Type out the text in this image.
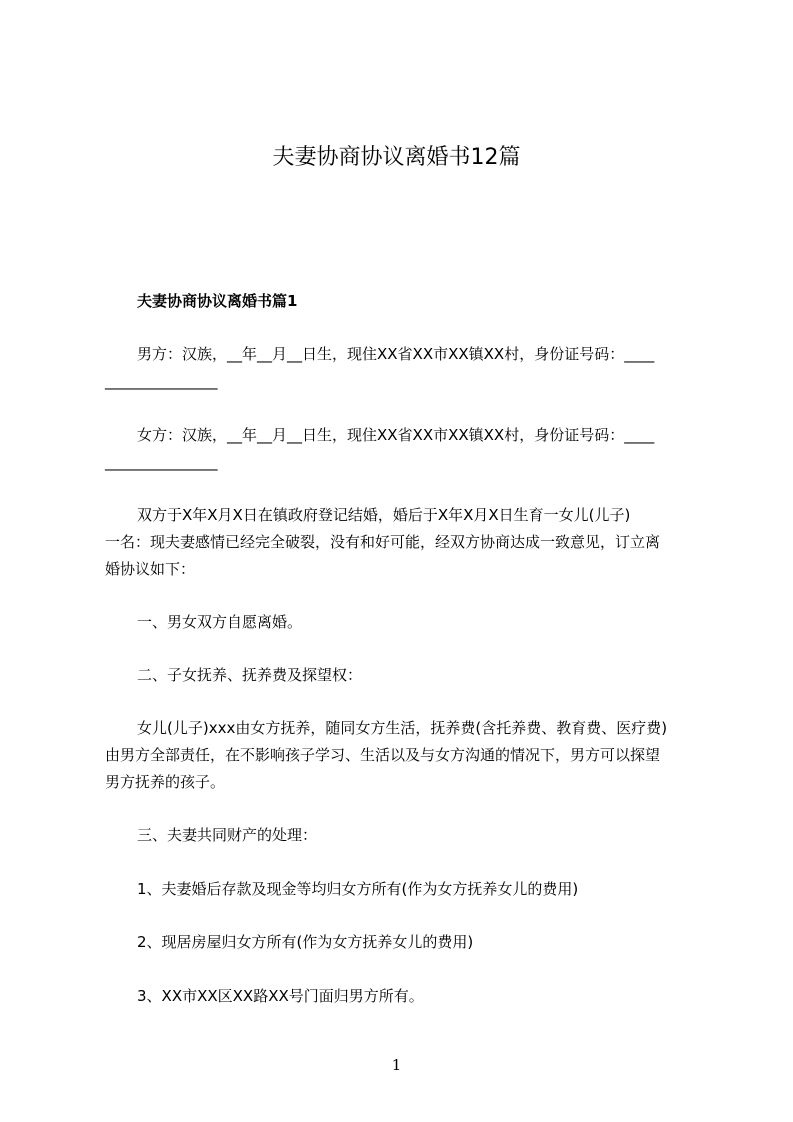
夫妻协商协议离婚书12篇
夫妻协商协议离婚书篇1
男方：汉族，__年__月__日生，现住XX省XX市XX镇XX村，身份证号码：____
_______________
女方：汉族，__年__月__日生，现住XX省XX市XX镇XX村，身份证号码：____
_______________
双方于X年X月X日在镇政府登记结婚，婚后于X年X月X日生育一女儿(儿子)
一名：现夫妻感情已经完全破裂，没有和好可能，经双方协商达成一致意见，订立离
婚协议如下：
一、男女双方自愿离婚。
二、子女抚养、抚养费及探望权：
女儿(儿子)xxx由女方抚养，随同女方生活，抚养费(含托养费、教育费、医疗费)
由男方全部责任，在不影响孩子学习、生活以及与女方沟通的情况下，男方可以探望
男方抚养的孩子。
三、夫妻共同财产的处理：
1、夫妻婚后存款及现金等均归女方所有(作为女方抚养女儿的费用)
2、现居房屋归女方所有(作为女方抚养女儿的费用)
3、XX市XX区XX路XX号门面归男方所有。
1
